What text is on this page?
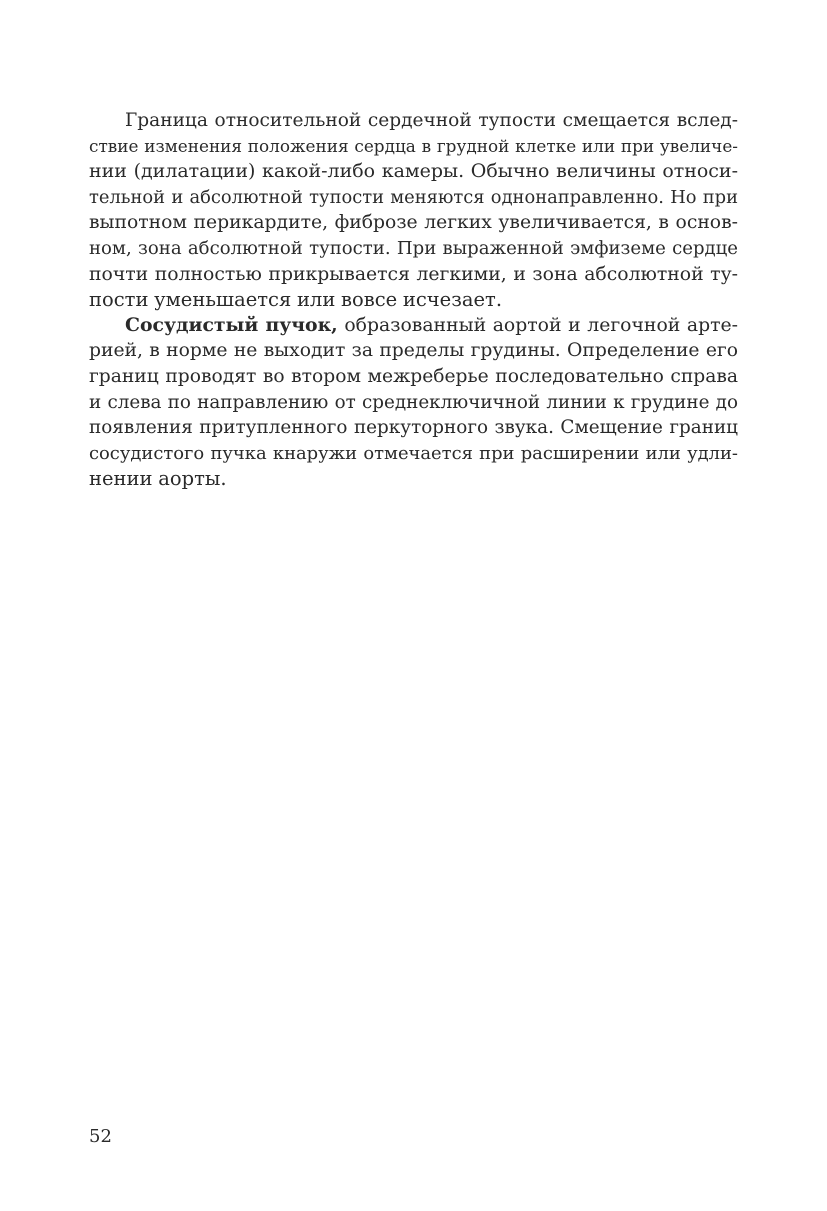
Граница относительной сердечной тупости смещается вслед-
ствие изменения положения сердца в грудной клетке или при увеличе-
нии (дилатации) какой-либо камеры. Обычно величины относи-
тельной и абсолютной тупости меняются однонаправленно. Но при
выпотном перикардите, фиброзе легких увеличивается, в основ-
ном, зона абсолютной тупости. При выраженной эмфиземе сердце
почти полностью прикрывается легкими, и зона абсолютной ту-
пости уменьшается или вовсе исчезает.
Сосудистый пучок, образованный аортой и легочной арте-
рией, в норме не выходит за пределы грудины. Определение его
границ проводят во втором межреберье последовательно справа
и слева по направлению от среднеключичной линии к грудине до
появления притупленного перкуторного звука. Смещение границ
сосудистого пучка кнаружи отмечается при расширении или удли-
нении аорты.
52
